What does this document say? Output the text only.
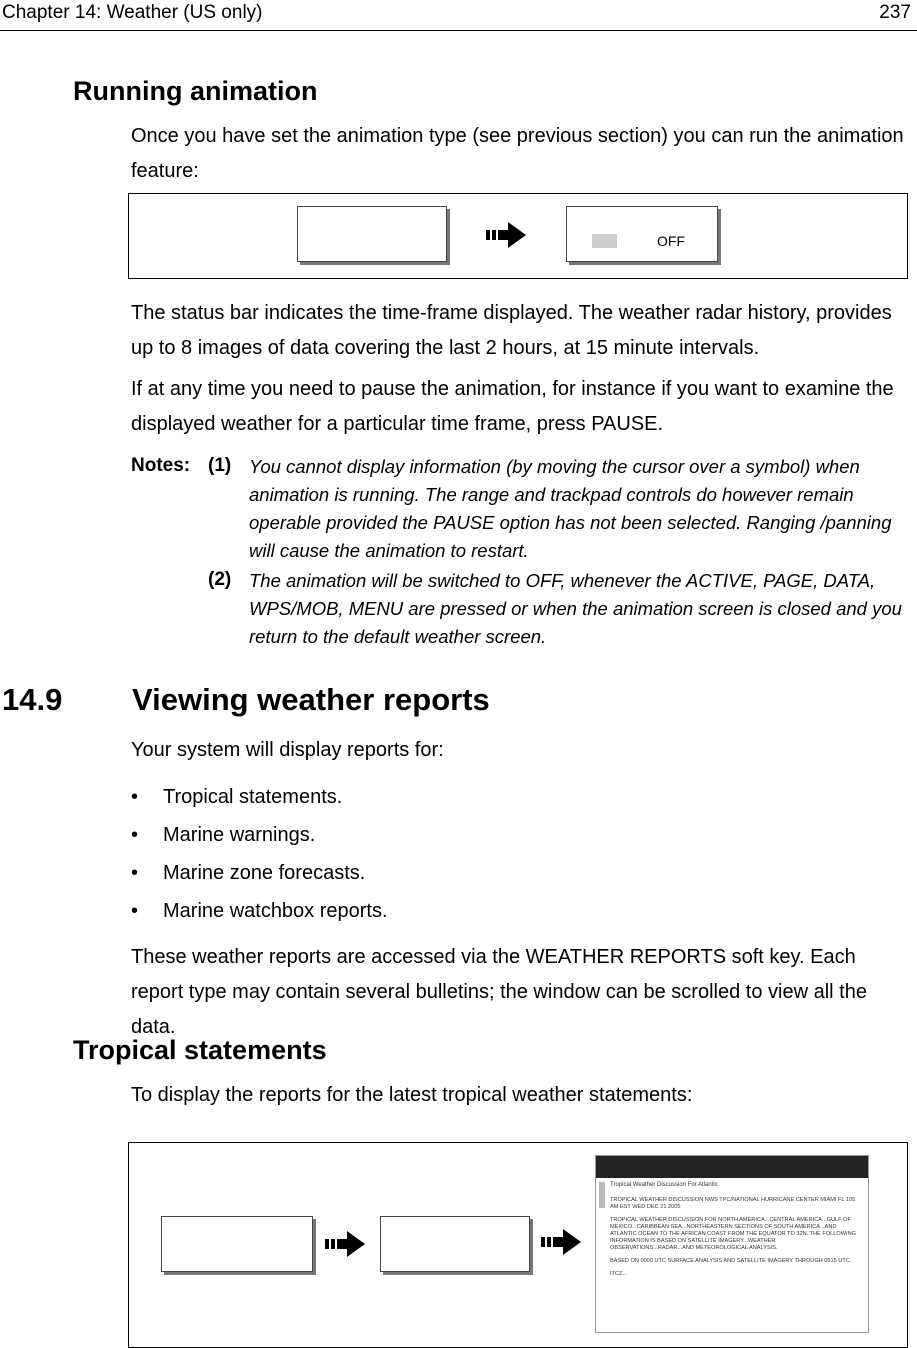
Chapter 14: Weather (US only)	237
Running animation

Once you have set the animation type (see previous section) you can run the animation feature:

OFF

The status bar indicates the time-frame displayed. The weather radar history, provides up to 8 images of data covering the last 2 hours, at 15 minute intervals.

If at any time you need to pause the animation, for instance if you want to examine the displayed weather for a particular time frame, press PAUSE.

Notes: (1) You cannot display information (by moving the cursor over a symbol) when animation is running. The range and trackpad controls do however remain operable provided the PAUSE option has not been selected. Ranging /panning will cause the animation to restart.

(2) The animation will be switched to OFF, whenever the ACTIVE, PAGE, DATA, WPS/MOB, MENU are pressed or when the animation screen is closed and you return to the default weather screen.

14.9 Viewing weather reports

Your system will display reports for:

• Tropical statements.
• Marine warnings.
• Marine zone forecasts.
• Marine watchbox reports.

These weather reports are accessed via the WEATHER REPORTS soft key. Each report type may contain several bulletins; the window can be scrolled to view all the data.

Tropical statements

To display the reports for the latest tropical weather statements:

Tropical Weather Discussion For Atlantic
TROPICAL WEATHER DISCUSSION NWS TPC/NATIONAL HURRICANE CENTER MIAMI FL 105 AM EST WED DEC 21 2005
TROPICAL WEATHER DISCUSSION FOR NORTH AMERICA...CENTRAL AMERICA...GULF OF MEXICO...CARIBBEAN SEA...NORTHEASTERN SECTIONS OF SOUTH AMERICA...AND ATLANTIC OCEAN TO THE AFRICAN COAST FROM THE EQUATOR TO 32N. THE FOLLOWING INFORMATION IS BASED ON SATELLITE IMAGERY...WEATHER OBSERVATIONS...RADAR...AND METEOROLOGICAL ANALYSIS.
BASED ON 0000 UTC SURFACE ANALYSIS AND SATELLITE IMAGERY THROUGH 0515 UTC.
ITCZ...
